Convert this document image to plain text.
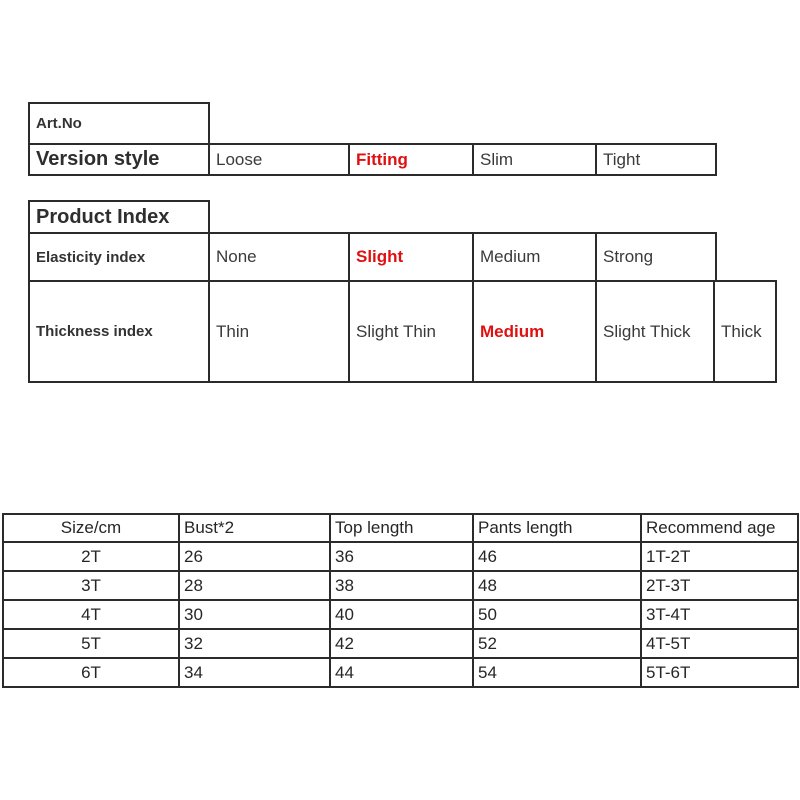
Art.No
Version style	Loose	Fitting	Slim	Tight
Product Index
Elasticity index	None	Slight	Medium	Strong
Thickness index	Thin	Slight Thin	Medium	Slight Thick	Thick
Size/cm	Bust*2	Top length	Pants length	Recommend age
2T	26	36	46	1T-2T
3T	28	38	48	2T-3T
4T	30	40	50	3T-4T
5T	32	42	52	4T-5T
6T	34	44	54	5T-6T
